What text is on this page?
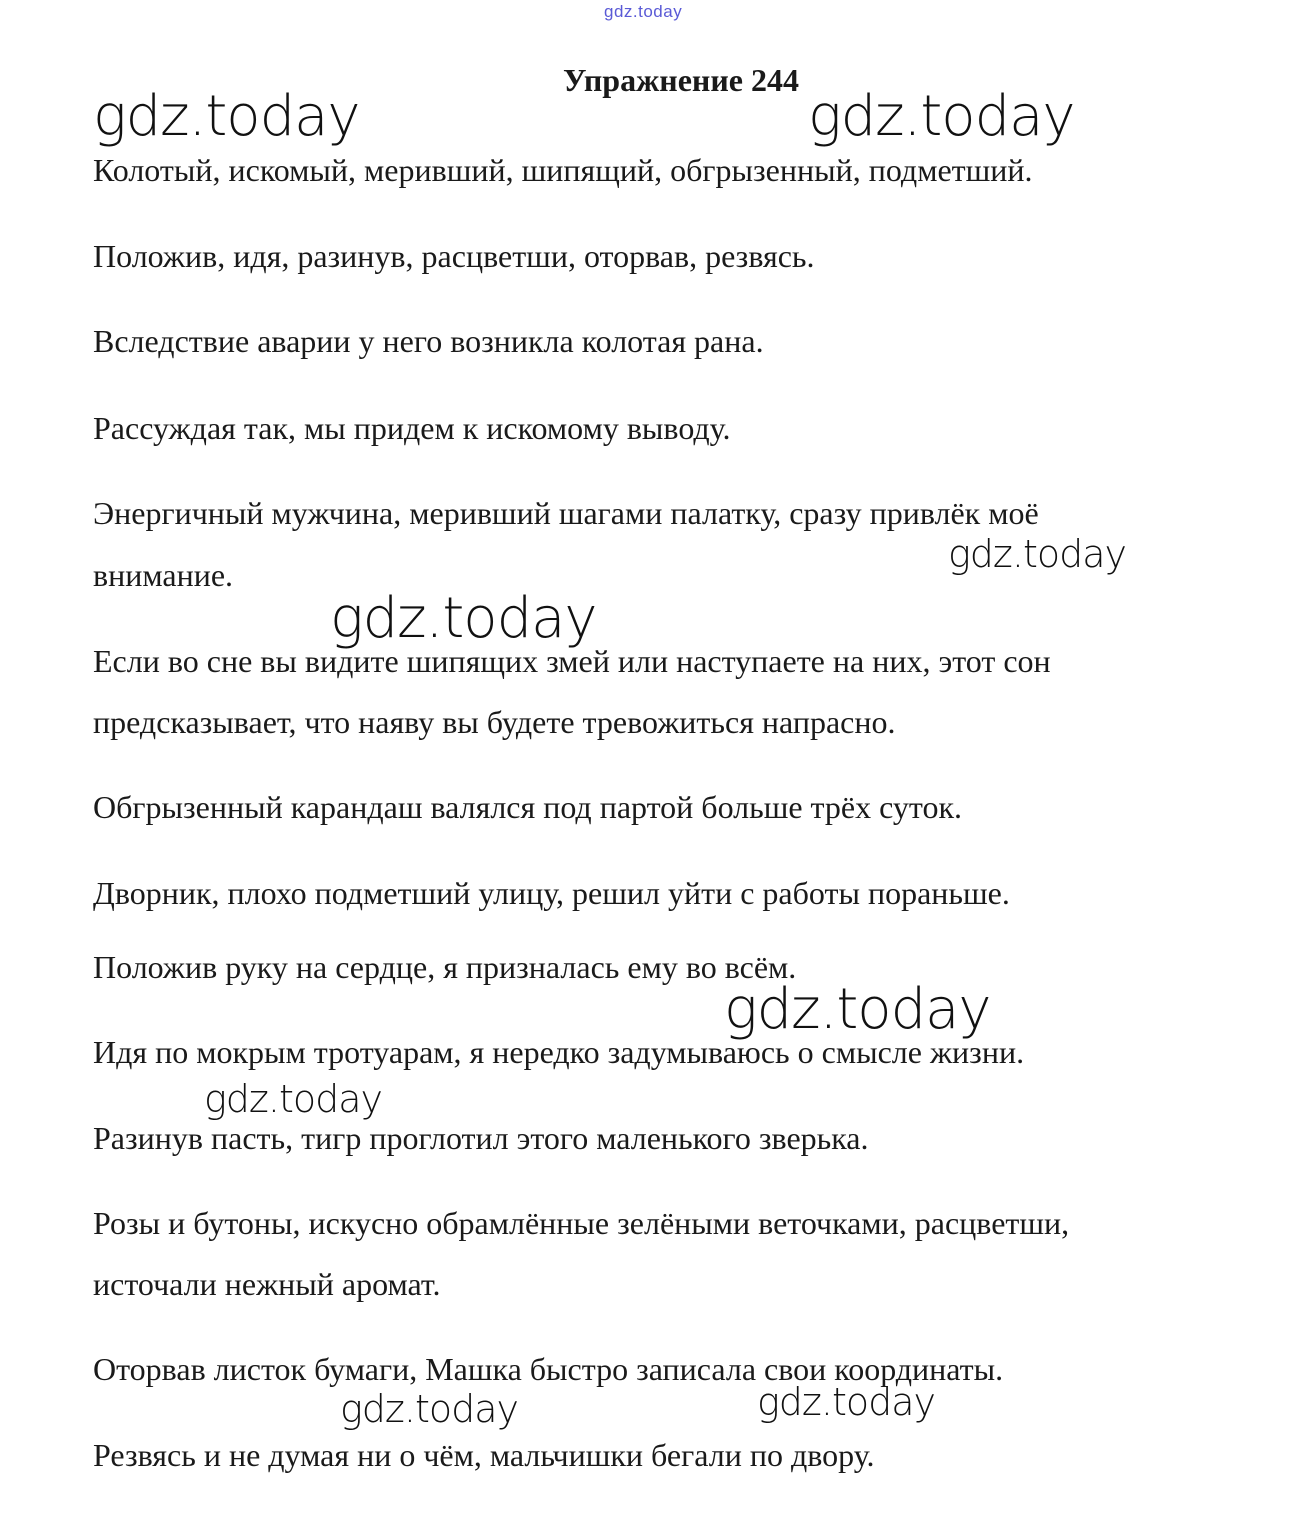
gdz.today
Упражнение 244
Колотый, искомый, меривший, шипящий, обгрызенный, подметший.
Положив, идя, разинув, расцветши, оторвав, резвясь.
Вследствие аварии у него возникла колотая рана.
Рассуждая так, мы придем к искомому выводу.
Энергичный мужчина, меривший шагами палатку, сразу привлёк моё
внимание.
Если во сне вы видите шипящих змей или наступаете на них, этот сон
предсказывает, что наяву вы будете тревожиться напрасно.
Обгрызенный карандаш валялся под партой больше трёх суток.
Дворник, плохо подметший улицу, решил уйти с работы пораньше.
Положив руку на сердце, я призналась ему во всём.
Идя по мокрым тротуарам, я нередко задумываюсь о смысле жизни.
Разинув пасть, тигр проглотил этого маленького зверька.
Розы и бутоны, искусно обрамлённые зелёными веточками, расцветши,
источали нежный аромат.
Оторвав листок бумаги, Машка быстро записала свои координаты.
Резвясь и не думая ни о чём, мальчишки бегали по двору.
gdz.today	gdz.today
gdz.today
gdz.today
gdz.today
gdz.today
gdz.today
gdz.today
